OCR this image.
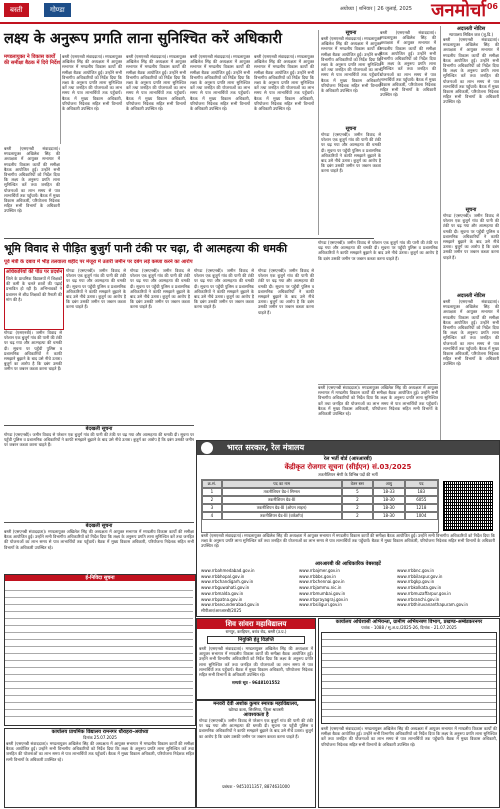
बस्ती	गोण्डा	अयोध्या | शनिवार | 26 जुलाई, 2025 जनमोर्चा 06
लक्ष्य के अनुरूप प्रगति लाना सुनिश्चित करें अधिकारी
मण्डलायुक्त ने विकास कार्यों की समीक्षा बैठक में दिये निर्देश
बस्ती (एसएनबी संवाददाता)। मण्डलायुक्त अखिलेश सिंह की अध्यक्षता में आयुक्त सभागार में मण्डलीय विकास कार्यों की समीक्षा बैठक आयोजित हुई। उन्होंने सभी विभागीय अधिकारियों को निर्देश दिया कि लक्ष्य के अनुरूप प्रगति लाना सुनिश्चित करें तथा जनहित की योजनाओं का लाभ समय से पात्र लाभार्थियों तक पहुँचायें। बैठक में मुख्य विकास अधिकारी, परियोजना निदेशक सहित सभी विभागों के अधिकारी उपस्थित रहे।
बस्ती (एसएनबी संवाददाता)। मण्डलायुक्त अखिलेश सिंह की अध्यक्षता में आयुक्त सभागार में मण्डलीय विकास कार्यों की समीक्षा बैठक आयोजित हुई। उन्होंने सभी विभागीय अधिकारियों को निर्देश दिया कि लक्ष्य के अनुरूप प्रगति लाना सुनिश्चित करें तथा जनहित की योजनाओं का लाभ समय से पात्र लाभार्थियों तक पहुँचायें। बैठक में मुख्य विकास अधिकारी, परियोजना निदेशक सहित सभी विभागों के अधिकारी उपस्थित रहे।
बस्ती (एसएनबी संवाददाता)। मण्डलायुक्त अखिलेश सिंह की अध्यक्षता में आयुक्त सभागार में मण्डलीय विकास कार्यों की समीक्षा बैठक आयोजित हुई। उन्होंने सभी विभागीय अधिकारियों को निर्देश दिया कि लक्ष्य के अनुरूप प्रगति लाना सुनिश्चित करें तथा जनहित की योजनाओं का लाभ समय से पात्र लाभार्थियों तक पहुँचायें। बैठक में मुख्य विकास अधिकारी, परियोजना निदेशक सहित सभी विभागों के अधिकारी उपस्थित रहे।
बस्ती (एसएनबी संवाददाता)। मण्डलायुक्त अखिलेश सिंह की अध्यक्षता में आयुक्त सभागार में मण्डलीय विकास कार्यों की समीक्षा बैठक आयोजित हुई। उन्होंने सभी विभागीय अधिकारियों को निर्देश दिया कि लक्ष्य के अनुरूप प्रगति लाना सुनिश्चित करें तथा जनहित की योजनाओं का लाभ समय से पात्र लाभार्थियों तक पहुँचायें। बैठक में मुख्य विकास अधिकारी, परियोजना निदेशक सहित सभी विभागों के अधिकारी उपस्थित रहे।
बस्ती (एसएनबी संवाददाता)। मण्डलायुक्त अखिलेश सिंह की अध्यक्षता में आयुक्त सभागार में मण्डलीय विकास कार्यों की समीक्षा बैठक आयोजित हुई। उन्होंने सभी विभागीय अधिकारियों को निर्देश दिया कि लक्ष्य के अनुरूप प्रगति लाना सुनिश्चित करें तथा जनहित की योजनाओं का लाभ समय से पात्र लाभार्थियों तक पहुँचायें। बैठक में मुख्य विकास अधिकारी, परियोजना निदेशक सहित सभी विभागों के अधिकारी उपस्थित रहे।
भूमि विवाद से पीड़ित बुजुर्ग पानी टंकी पर चढ़ा, दी आत्महत्या की धमकी
पूर्व मंत्री के दबाव में भीड़ तलवाला शहीद पर मंजूरा में उतारी जमीन पर दबंग लड़े कब्जा करने का आरोप
अधिकारियों की पीठ पर प्रदर्शन
जिले के प्राथमिक विद्यालयों में शिक्षकों की कमी के चलते छात्रों की पढ़ाई प्रभावित हो रही है। अभिभावकों ने प्रशासन से शीघ्र शिक्षकों की तैनाती की मांग की है।
गोण्डा (एसएनबी)। जमीन विवाद से परेशान एक बुजुर्ग गांव की पानी की टंकी पर चढ़ गया और आत्महत्या की धमकी दी। सूचना पर पहुँची पुलिस व प्रशासनिक अधिकारियों ने काफी समझाने बुझाने के बाद उसे नीचे उतारा। बुजुर्ग का आरोप है कि दबंग उसकी जमीन पर जबरन कब्जा करना चाहते हैं।
गोण्डा (एसएनबी)। जमीन विवाद से परेशान एक बुजुर्ग गांव की पानी की टंकी पर चढ़ गया और आत्महत्या की धमकी दी। सूचना पर पहुँची पुलिस व प्रशासनिक अधिकारियों ने काफी समझाने बुझाने के बाद उसे नीचे उतारा। बुजुर्ग का आरोप है कि दबंग उसकी जमीन पर जबरन कब्जा करना चाहते हैं।
गोण्डा (एसएनबी)। जमीन विवाद से परेशान एक बुजुर्ग गांव की पानी की टंकी पर चढ़ गया और आत्महत्या की धमकी दी। सूचना पर पहुँची पुलिस व प्रशासनिक अधिकारियों ने काफी समझाने बुझाने के बाद उसे नीचे उतारा। बुजुर्ग का आरोप है कि दबंग उसकी जमीन पर जबरन कब्जा करना चाहते हैं।
गोण्डा (एसएनबी)। जमीन विवाद से परेशान एक बुजुर्ग गांव की पानी की टंकी पर चढ़ गया और आत्महत्या की धमकी दी। सूचना पर पहुँची पुलिस व प्रशासनिक अधिकारियों ने काफी समझाने बुझाने के बाद उसे नीचे उतारा। बुजुर्ग का आरोप है कि दबंग उसकी जमीन पर जबरन कब्जा करना चाहते हैं।
गोण्डा (एसएनबी)। जमीन विवाद से परेशान एक बुजुर्ग गांव की पानी की टंकी पर चढ़ गया और आत्महत्या की धमकी दी। सूचना पर पहुँची पुलिस व प्रशासनिक अधिकारियों ने काफी समझाने बुझाने के बाद उसे नीचे उतारा। बुजुर्ग का आरोप है कि दबंग उसकी जमीन पर जबरन कब्जा करना चाहते हैं।
बेदखली सूचना
गोण्डा (एसएनबी)। जमीन विवाद से परेशान एक बुजुर्ग गांव की पानी की टंकी पर चढ़ गया और आत्महत्या की धमकी दी। सूचना पर पहुँची पुलिस व प्रशासनिक अधिकारियों ने काफी समझाने बुझाने के बाद उसे नीचे उतारा। बुजुर्ग का आरोप है कि दबंग उसकी जमीन पर जबरन कब्जा करना चाहते हैं।
बेदखली सूचना
बस्ती (एसएनबी संवाददाता)। मण्डलायुक्त अखिलेश सिंह की अध्यक्षता में आयुक्त सभागार में मण्डलीय विकास कार्यों की समीक्षा बैठक आयोजित हुई। उन्होंने सभी विभागीय अधिकारियों को निर्देश दिया कि लक्ष्य के अनुरूप प्रगति लाना सुनिश्चित करें तथा जनहित की योजनाओं का लाभ समय से पात्र लाभार्थियों तक पहुँचायें। बैठक में मुख्य विकास अधिकारी, परियोजना निदेशक सहित सभी विभागों के अधिकारी उपस्थित रहे।
ई-निविदा सूचना
कार्यालय प्राथमिक विद्यालय रामनगर धौराहरा-अयोध्या
दिनांक 25.07.2025
बस्ती (एसएनबी संवाददाता)। मण्डलायुक्त अखिलेश सिंह की अध्यक्षता में आयुक्त सभागार में मण्डलीय विकास कार्यों की समीक्षा बैठक आयोजित हुई। उन्होंने सभी विभागीय अधिकारियों को निर्देश दिया कि लक्ष्य के अनुरूप प्रगति लाना सुनिश्चित करें तथा जनहित की योजनाओं का लाभ समय से पात्र लाभार्थियों तक पहुँचायें। बैठक में मुख्य विकास अधिकारी, परियोजना निदेशक सहित सभी विभागों के अधिकारी उपस्थित रहे।
सूचना
बस्ती (एसएनबी संवाददाता)। मण्डलायुक्त अखिलेश सिंह की अध्यक्षता में आयुक्त सभागार में मण्डलीय विकास कार्यों की समीक्षा बैठक आयोजित हुई। उन्होंने सभी विभागीय अधिकारियों को निर्देश दिया कि लक्ष्य के अनुरूप प्रगति लाना सुनिश्चित करें तथा जनहित की योजनाओं का लाभ समय से पात्र लाभार्थियों तक पहुँचायें। बैठक में मुख्य विकास अधिकारी, परियोजना निदेशक सहित सभी विभागों के अधिकारी उपस्थित रहे।
सूचना
गोण्डा (एसएनबी)। जमीन विवाद से परेशान एक बुजुर्ग गांव की पानी की टंकी पर चढ़ गया और आत्महत्या की धमकी दी। सूचना पर पहुँची पुलिस व प्रशासनिक अधिकारियों ने काफी समझाने बुझाने के बाद उसे नीचे उतारा। बुजुर्ग का आरोप है कि दबंग उसकी जमीन पर जबरन कब्जा करना चाहते हैं।
बस्ती (एसएनबी संवाददाता)। मण्डलायुक्त अखिलेश सिंह की अध्यक्षता में आयुक्त सभागार में मण्डलीय विकास कार्यों की समीक्षा बैठक आयोजित हुई। उन्होंने सभी विभागीय अधिकारियों को निर्देश दिया कि लक्ष्य के अनुरूप प्रगति लाना सुनिश्चित करें तथा जनहित की योजनाओं का लाभ समय से पात्र लाभार्थियों तक पहुँचायें। बैठक में मुख्य विकास अधिकारी, परियोजना निदेशक सहित सभी विभागों के अधिकारी उपस्थित रहे।
अदालती नोटिस
न्यायालय सिविल जज (जू.डि.)
बस्ती (एसएनबी संवाददाता)। मण्डलायुक्त अखिलेश सिंह की अध्यक्षता में आयुक्त सभागार में मण्डलीय विकास कार्यों की समीक्षा बैठक आयोजित हुई। उन्होंने सभी विभागीय अधिकारियों को निर्देश दिया कि लक्ष्य के अनुरूप प्रगति लाना सुनिश्चित करें तथा जनहित की योजनाओं का लाभ समय से पात्र लाभार्थियों तक पहुँचायें। बैठक में मुख्य विकास अधिकारी, परियोजना निदेशक सहित सभी विभागों के अधिकारी उपस्थित रहे।
सूचना
गोण्डा (एसएनबी)। जमीन विवाद से परेशान एक बुजुर्ग गांव की पानी की टंकी पर चढ़ गया और आत्महत्या की धमकी दी। सूचना पर पहुँची पुलिस व प्रशासनिक अधिकारियों ने काफी समझाने बुझाने के बाद उसे नीचे उतारा। बुजुर्ग का आरोप है कि दबंग उसकी जमीन पर जबरन कब्जा करना चाहते हैं।
अदालती नोटिस
बस्ती (एसएनबी संवाददाता)। मण्डलायुक्त अखिलेश सिंह की अध्यक्षता में आयुक्त सभागार में मण्डलीय विकास कार्यों की समीक्षा बैठक आयोजित हुई। उन्होंने सभी विभागीय अधिकारियों को निर्देश दिया कि लक्ष्य के अनुरूप प्रगति लाना सुनिश्चित करें तथा जनहित की योजनाओं का लाभ समय से पात्र लाभार्थियों तक पहुँचायें। बैठक में मुख्य विकास अधिकारी, परियोजना निदेशक सहित सभी विभागों के अधिकारी उपस्थित रहे।
गोण्डा (एसएनबी)। जमीन विवाद से परेशान एक बुजुर्ग गांव की पानी की टंकी पर चढ़ गया और आत्महत्या की धमकी दी। सूचना पर पहुँची पुलिस व प्रशासनिक अधिकारियों ने काफी समझाने बुझाने के बाद उसे नीचे उतारा। बुजुर्ग का आरोप है कि दबंग उसकी जमीन पर जबरन कब्जा करना चाहते हैं।
बस्ती (एसएनबी संवाददाता)। मण्डलायुक्त अखिलेश सिंह की अध्यक्षता में आयुक्त सभागार में मण्डलीय विकास कार्यों की समीक्षा बैठक आयोजित हुई। उन्होंने सभी विभागीय अधिकारियों को निर्देश दिया कि लक्ष्य के अनुरूप प्रगति लाना सुनिश्चित करें तथा जनहित की योजनाओं का लाभ समय से पात्र लाभार्थियों तक पहुँचायें। बैठक में मुख्य विकास अधिकारी, परियोजना निदेशक सहित सभी विभागों के अधिकारी उपस्थित रहे।
भारत सरकार, रेल मंत्रालय
रेल भर्ती बोर्ड (आरआरबी)
केंद्रीकृत रोजगार सूचना (सीईएन) सं.03/2025
तकनीशियन श्रेणी के विभिन्न पदों की भर्ती
क्र.सं.	पद का नाम	वेतन स्तर	आयु	पद
1	तकनीशियन ग्रेड-I सिग्नल	5	18-33	183
2	तकनीशियन ग्रेड-III	2	18-30	6055
3	तकनीशियन ग्रेड-III (ओपन लाइन)	2	18-30	1218
4	तकनीशियन ग्रेड-III (वर्कशॉप)	2	18-30	1004
बस्ती (एसएनबी संवाददाता)। मण्डलायुक्त अखिलेश सिंह की अध्यक्षता में आयुक्त सभागार में मण्डलीय विकास कार्यों की समीक्षा बैठक आयोजित हुई। उन्होंने सभी विभागीय अधिकारियों को निर्देश दिया कि लक्ष्य के अनुरूप प्रगति लाना सुनिश्चित करें तथा जनहित की योजनाओं का लाभ समय से पात्र लाभार्थियों तक पहुँचायें। बैठक में मुख्य विकास अधिकारी, परियोजना निदेशक सहित सभी विभागों के अधिकारी उपस्थित रहे।
आरआरबी की आधिकारिक वेबसाइटें
www.rrbahmedabad.gov.in	www.rrbajmer.gov.in	www.rrbbnc.gov.in
www.rrbbhopal.gov.in	www.rrbbbs.gov.in	www.rrbbilaspur.gov.in
www.rrbchandigarh.gov.in	www.rrbchennai.gov.in	www.rrbgkp.gov.in
www.rrbguwahati.gov.in	www.rrbjammu.nic.in	www.rrbkolkata.gov.in
www.rrbmalda.gov.in	www.rrbmumbai.gov.in	www.rrbmuzaffarpur.gov.in
www.rrbpatna.gov.in	www.rrbprayagraj.gov.in	www.rrbranchi.gov.in
www.rrbsecunderabad.gov.in	www.rrbsiliguri.gov.in	www.rrbthiruvananthapuram.gov.in
सीपीआर/आरआरबी/2025
शिव सांवरा महाविद्यालय
रामपुर, करहियन, बरांव रोड, बस्ती (उ.प्र.)
नियुक्ति हेतु विज्ञप्ति
बस्ती (एसएनबी संवाददाता)। मण्डलायुक्त अखिलेश सिंह की अध्यक्षता में आयुक्त सभागार में मण्डलीय विकास कार्यों की समीक्षा बैठक आयोजित हुई। उन्होंने सभी विभागीय अधिकारियों को निर्देश दिया कि लक्ष्य के अनुरूप प्रगति लाना सुनिश्चित करें तथा जनहित की योजनाओं का लाभ समय से पात्र लाभार्थियों तक पहुँचायें। बैठक में मुख्य विकास अधिकारी, परियोजना निदेशक सहित सभी विभागों के अधिकारी उपस्थित रहे।
सम्पर्क सूत्र - 9648101552
मनवरी देवी अशोक कुमार स्मारक महाविद्यालय,
खोण्डा कला, सिरसिया, जिला श्रावस्ती
आवश्यकता है
गोण्डा (एसएनबी)। जमीन विवाद से परेशान एक बुजुर्ग गांव की पानी की टंकी पर चढ़ गया और आत्महत्या की धमकी दी। सूचना पर पहुँची पुलिस व प्रशासनिक अधिकारियों ने काफी समझाने बुझाने के बाद उसे नीचे उतारा। बुजुर्ग का आरोप है कि दबंग उसकी जमीन पर जबरन कब्जा करना चाहते हैं।
प्रबंधक - 9451011357, 8874631000
कार्यालय अधिशासी अभियन्ता, ग्रामीण अभियन्त्रण विभाग, प्रखण्ड-अम्बेडकरनगर
पत्रांक - 1088 / सू.अ.प्र./2025-26, दिनांक - 21.07.2025
बस्ती (एसएनबी संवाददाता)। मण्डलायुक्त अखिलेश सिंह की अध्यक्षता में आयुक्त सभागार में मण्डलीय विकास कार्यों की समीक्षा बैठक आयोजित हुई। उन्होंने सभी विभागीय अधिकारियों को निर्देश दिया कि लक्ष्य के अनुरूप प्रगति लाना सुनिश्चित करें तथा जनहित की योजनाओं का लाभ समय से पात्र लाभार्थियों तक पहुँचायें। बैठक में मुख्य विकास अधिकारी, परियोजना निदेशक सहित सभी विभागों के अधिकारी उपस्थित रहे।
